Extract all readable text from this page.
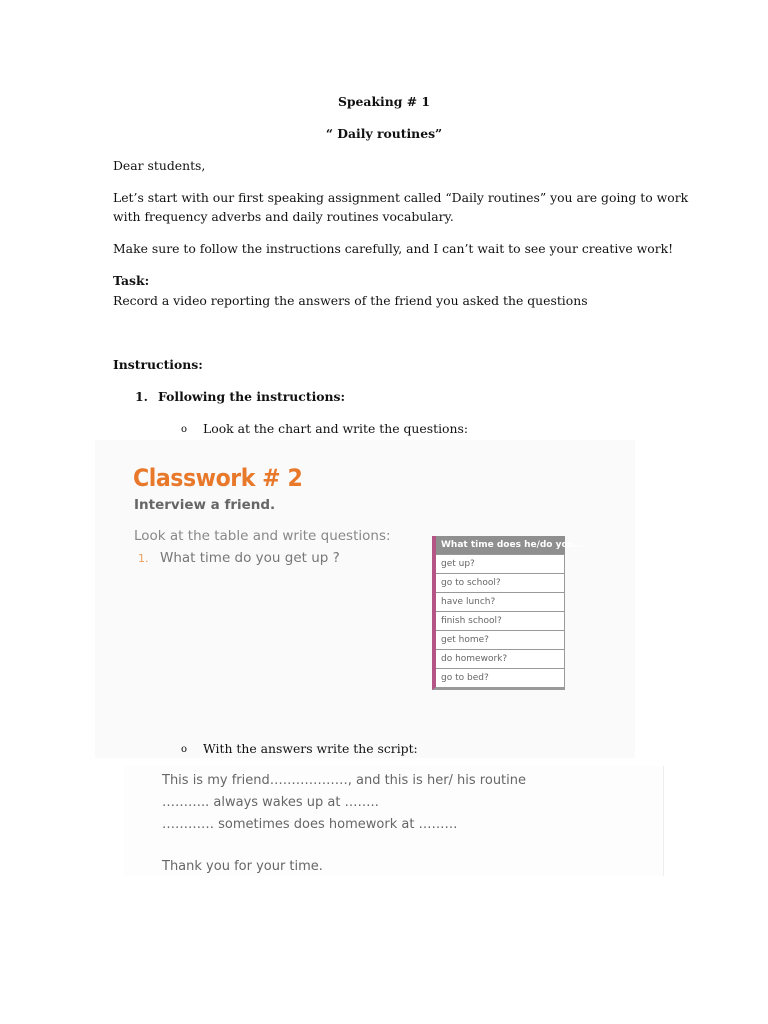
Speaking # 1

“ Daily routines”

Dear students,

Let’s start with our first speaking assignment called “Daily routines” you are going to work

with frequency adverbs and daily routines vocabulary.

Make sure to follow the instructions carefully, and I can’t wait to see your creative work!

Task:

Record a video reporting the answers of the friend you asked the questions

Instructions:

1. Following the instructions:
o Look at the chart and write the questions:
Classwork # 2
Interview a friend.
Look at the table and write questions:
1. What time do you get up ?
What time does he/do you...
get up?
go to school?
have lunch?
finish school?
get home?
do homework?
go to bed?
o With the answers write the script:
This is my friend………………, and this is her/ his routine
……….. always wakes up at ……..
………… sometimes does homework at ………
Thank you for your time.
